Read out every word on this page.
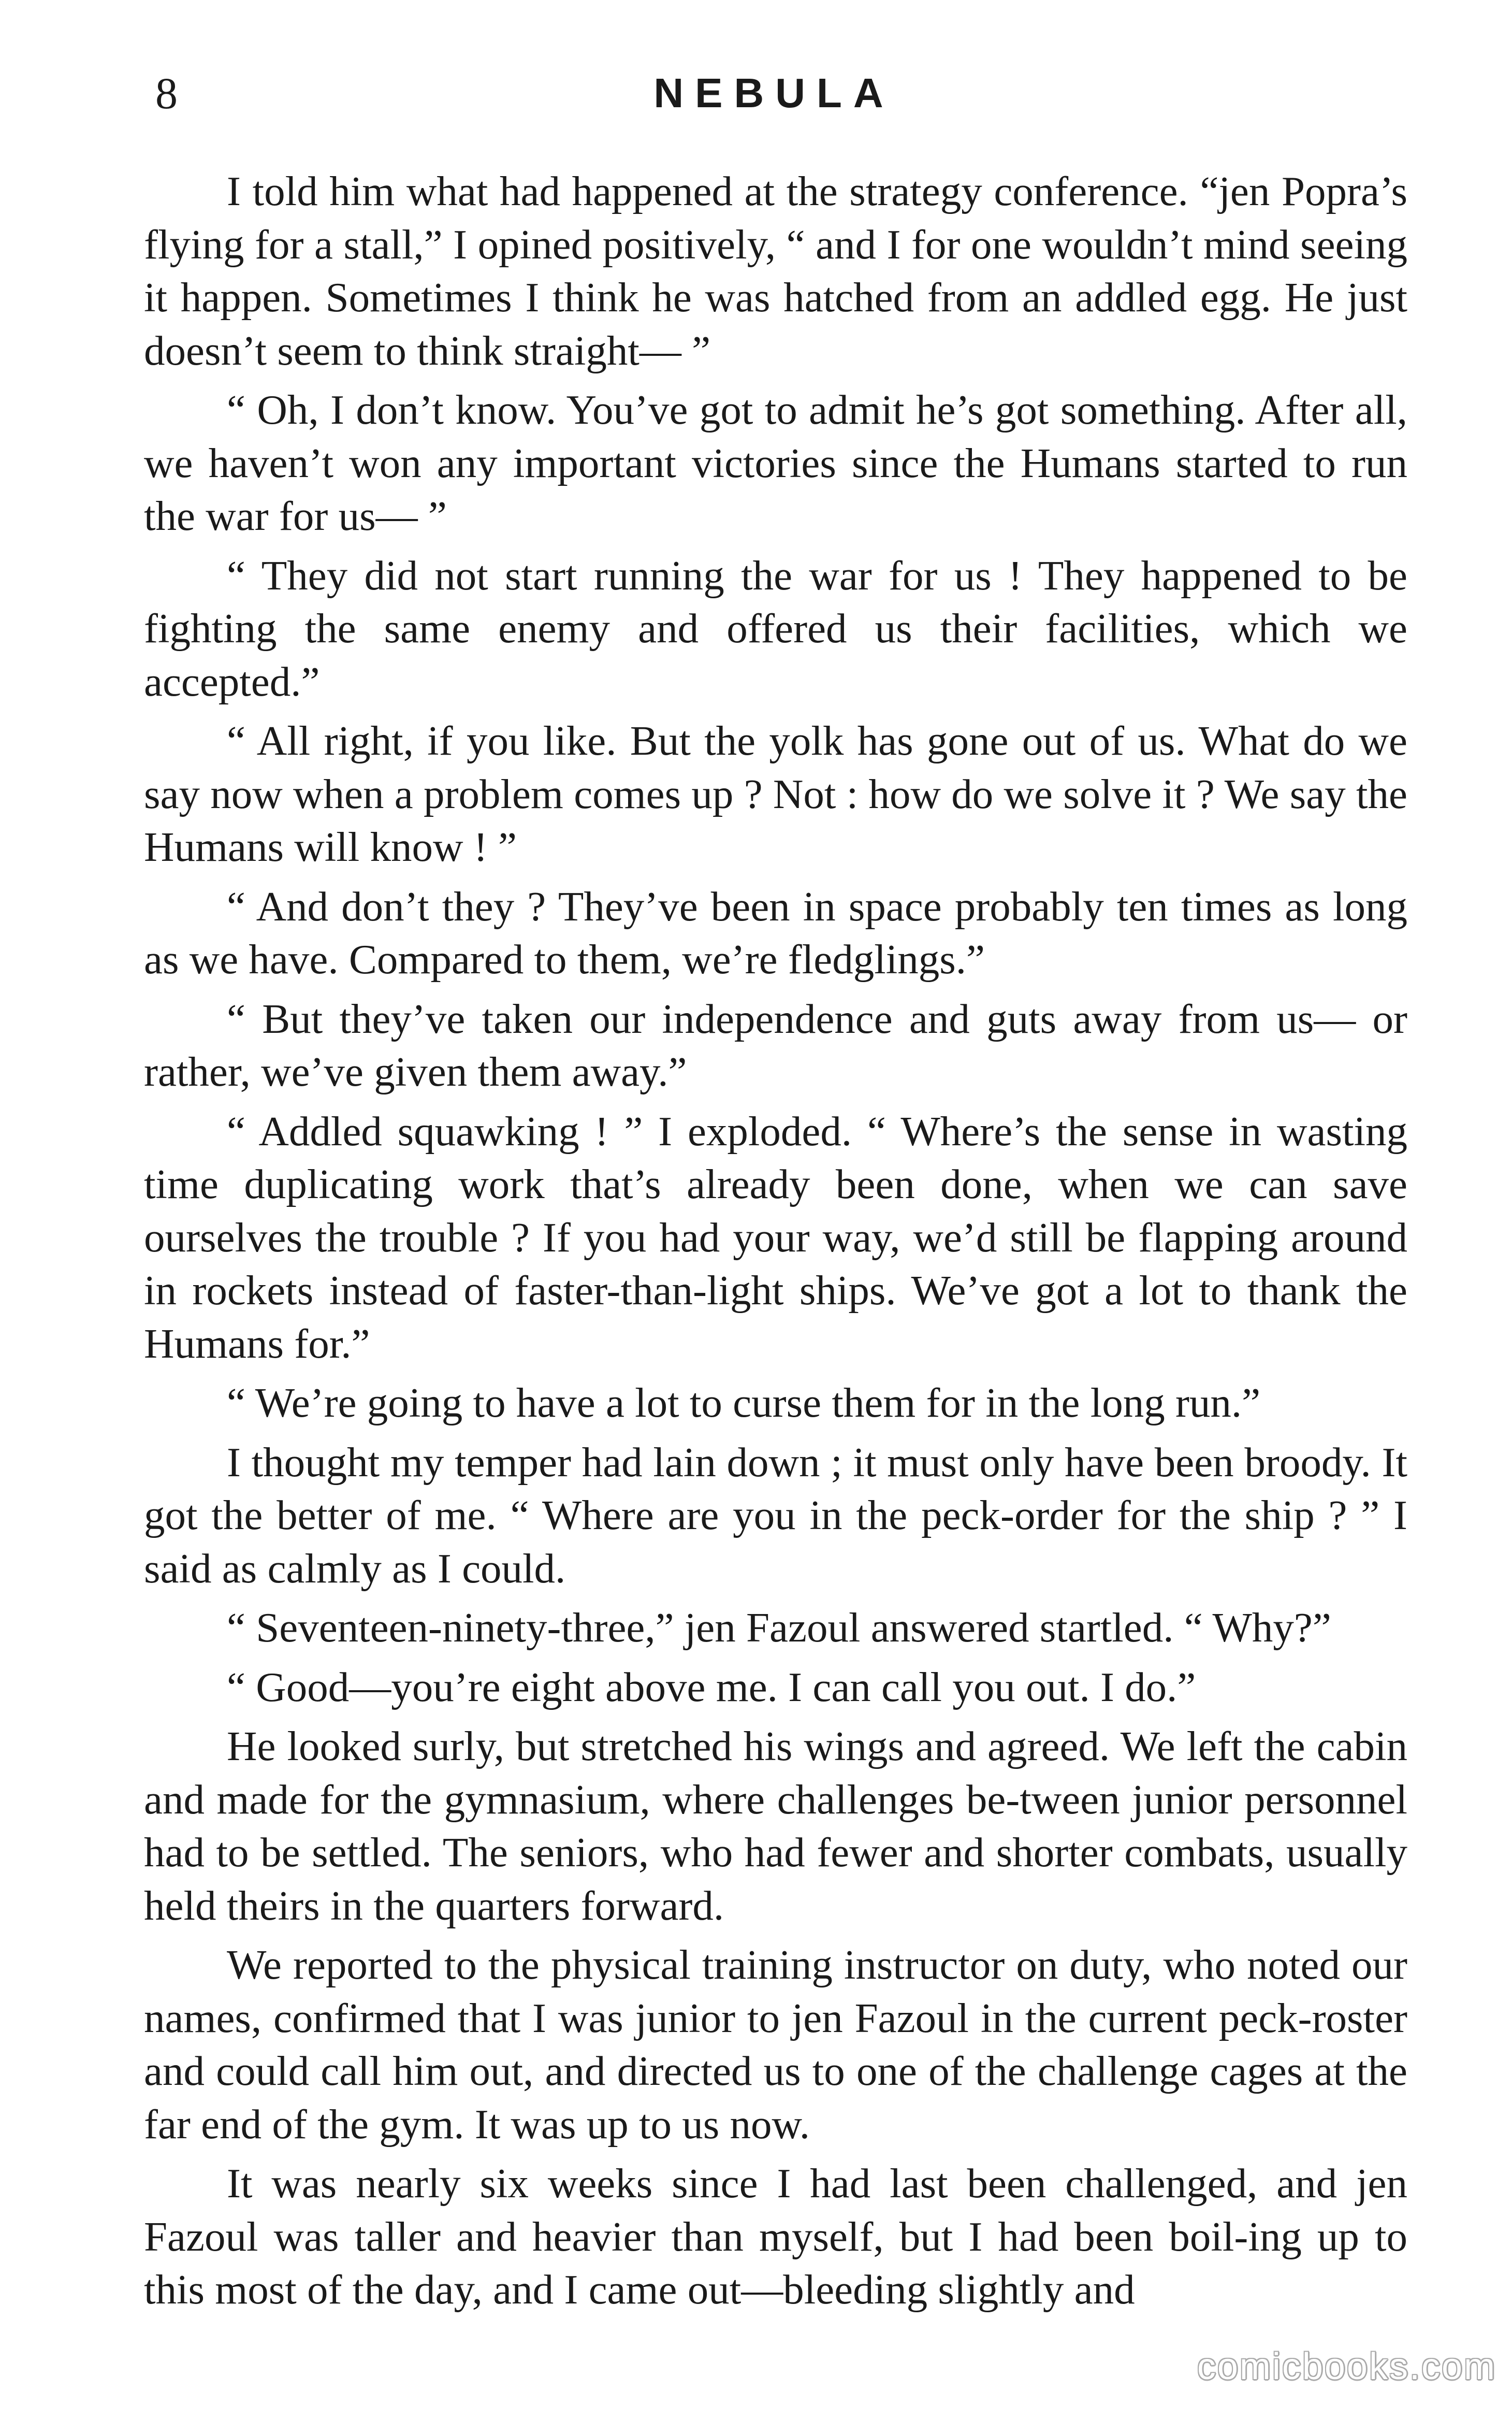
8	NEBULA

I told him what had happened at the strategy conference. “jen Popra’s flying for a stall,” I opined positively, “ and I for one wouldn’t mind seeing it happen. Sometimes I think he was hatched from an addled egg. He just doesn’t seem to think straight— ”

“ Oh, I don’t know. You’ve got to admit he’s got something. After all, we haven’t won any important victories since the Humans started to run the war for us— ”

“ They did not start running the war for us ! They happened to be fighting the same enemy and offered us their facilities, which we accepted.”

“ All right, if you like. But the yolk has gone out of us. What do we say now when a problem comes up ? Not : how do we solve it ? We say the Humans will know ! ”

“ And don’t they ? They’ve been in space probably ten times as long as we have. Compared to them, we’re fledglings.”

“ But they’ve taken our independence and guts away from us— or rather, we’ve given them away.”

“ Addled squawking ! ” I exploded. “ Where’s the sense in wasting time duplicating work that’s already been done, when we can save ourselves the trouble ? If you had your way, we’d still be flapping around in rockets instead of faster-than-light ships. We’ve got a lot to thank the Humans for.”

“ We’re going to have a lot to curse them for in the long run.”

I thought my temper had lain down ; it must only have been broody. It got the better of me. “ Where are you in the peck-order for the ship ? ” I said as calmly as I could.

“ Seventeen-ninety-three,” jen Fazoul answered startled. “ Why?”

“ Good—you’re eight above me. I can call you out. I do.”

He looked surly, but stretched his wings and agreed. We left the cabin and made for the gymnasium, where challenges be-tween junior personnel had to be settled. The seniors, who had fewer and shorter combats, usually held theirs in the quarters forward.

We reported to the physical training instructor on duty, who noted our names, confirmed that I was junior to jen Fazoul in the current peck-roster and could call him out, and directed us to one of the challenge cages at the far end of the gym. It was up to us now.

It was nearly six weeks since I had last been challenged, and jen Fazoul was taller and heavier than myself, but I had been boil-ing up to this most of the day, and I came out—bleeding slightly and

comicbooks.com
